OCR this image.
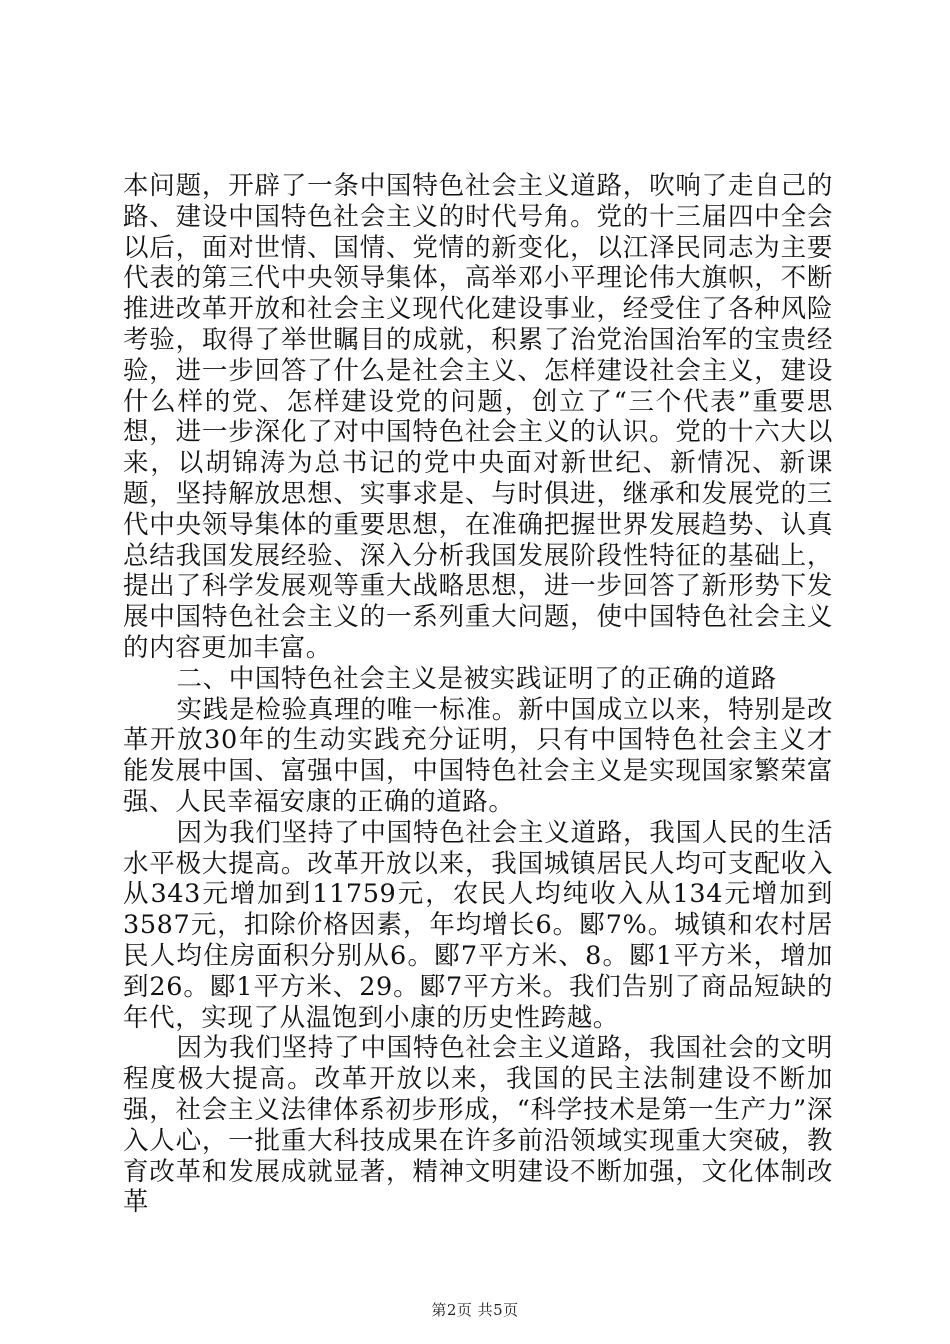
本问题，开辟了一条中国特色社会主义道路，吹响了走自己的路、建设中国特色社会主义的时代号角。党的十三届四中全会以后，面对世情、国情、党情的新变化，以江泽民同志为主要代表的第三代中央领导集体，高举邓小平理论伟大旗帜，不断推进改革开放和社会主义现代化建设事业，经受住了各种风险考验，取得了举世瞩目的成就，积累了治党治国治军的宝贵经验，进一步回答了什么是社会主义、怎样建设社会主义，建设什么样的党、怎样建设党的问题，创立了“三个代表”重要思想，进一步深化了对中国特色社会主义的认识。党的十六大以来，以胡锦涛为总书记的党中央面对新世纪、新情况、新课题，坚持解放思想、实事求是、与时俱进，继承和发展党的三代中央领导集体的重要思想，在准确把握世界发展趋势、认真总结我国发展经验、深入分析我国发展阶段性特征的基础上，提出了科学发展观等重大战略思想，进一步回答了新形势下发展中国特色社会主义的一系列重大问题，使中国特色社会主义的内容更加丰富。

二、中国特色社会主义是被实践证明了的正确的道路

实践是检验真理的唯一标准。新中国成立以来，特别是改革开放30年的生动实践充分证明，只有中国特色社会主义才能发展中国、富强中国，中国特色社会主义是实现国家繁荣富强、人民幸福安康的正确的道路。

因为我们坚持了中国特色社会主义道路，我国人民的生活水平极大提高。改革开放以来，我国城镇居民人均可支配收入从343元增加到11759元，农民人均纯收入从134元增加到3587元，扣除价格因素，年均增长6。郾7%。城镇和农村居民人均住房面积分别从6。郾7平方米、8。郾1平方米，增加到26。郾1平方米、29。郾7平方米。我们告别了商品短缺的年代，实现了从温饱到小康的历史性跨越。

因为我们坚持了中国特色社会主义道路，我国社会的文明程度极大提高。改革开放以来，我国的民主法制建设不断加强，社会主义法律体系初步形成，“科学技术是第一生产力”深入人心，一批重大科技成果在许多前沿领域实现重大突破，教育改革和发展成就显著，精神文明建设不断加强，文化体制改革

第2页 共5页
